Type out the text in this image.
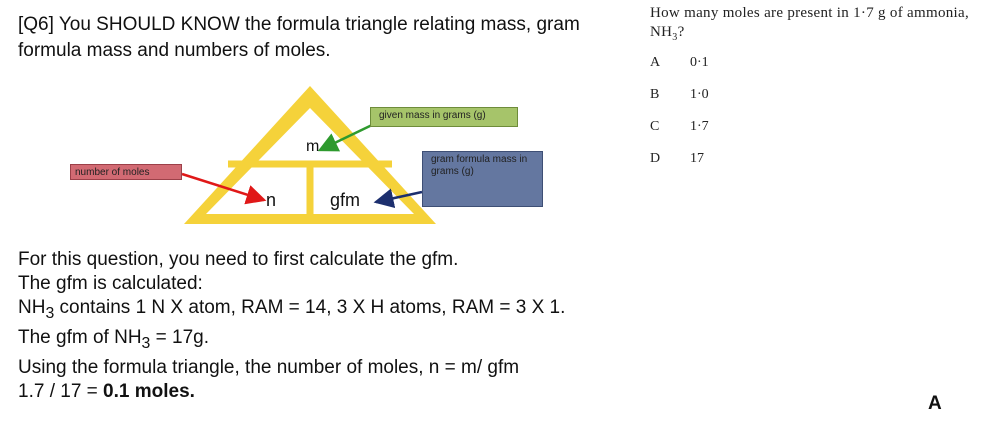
[Q6] You SHOULD KNOW the formula triangle relating mass, gram formula mass and numbers of moles.

How many moles are present in 1·7 g of ammonia, $NH_3$?
A	0·1
B	1·0
C	1·7
D	17
m
n	gfm
number of moles
given mass in grams (g)
gram formula mass in grams (g)

For this question, you need to first calculate the gfm.

The gfm is calculated:

$NH_3$ contains 1 N X atom, RAM = 14, 3 X H atoms, RAM = 3 X 1.

The gfm of $NH_3 = 17g$.

Using the formula triangle, the number of moles, n = m/ gfm

1.7 / 17 = 0.1 moles.

A
